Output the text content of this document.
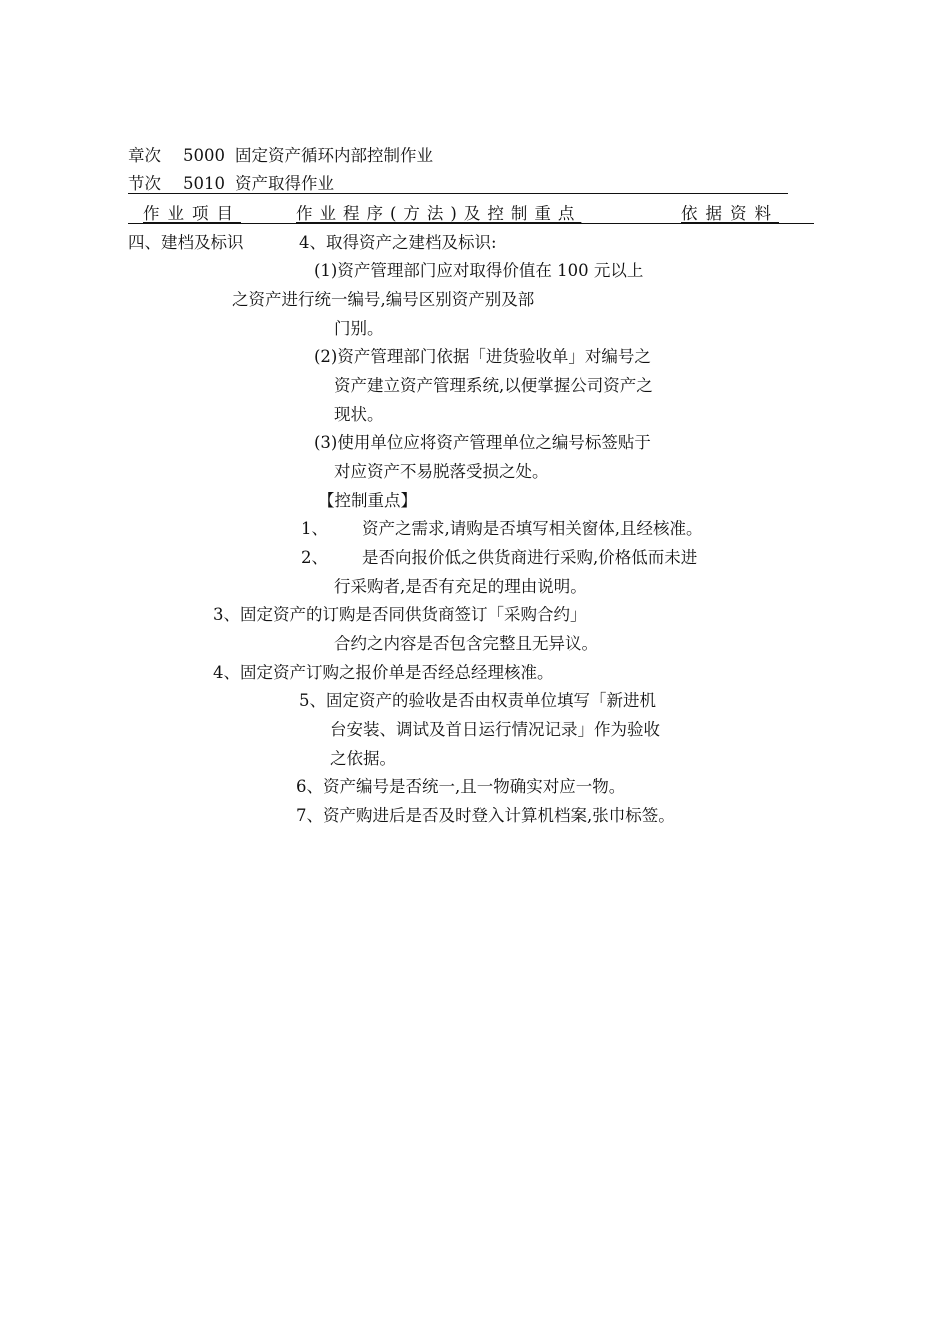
章次 5000 固定资产循环内部控制作业
节次 5010 资产取得作业
作业项目	作业程序(方法)及控制重点	依据资料
四、建档及标识	4、取得资产之建档及标识:
(1)资产管理部门应对取得价值在 100 元以上
之资产进行统一编号,编号区别资产别及部
门别。
(2)资产管理部门依据「进货验收单」对编号之
资产建立资产管理系统,以便掌握公司资产之
现状。
(3)使用单位应将资产管理单位之编号标签贴于
对应资产不易脱落受损之处。
【控制重点】
1、 资产之需求,请购是否填写相关窗体,且经核准。
2、 是否向报价低之供货商进行采购,价格低而未进
行采购者,是否有充足的理由说明。
3、固定资产的订购是否同供货商签订「采购合约」
合约之内容是否包含完整且无异议。
4、固定资产订购之报价单是否经总经理核准。
5、固定资产的验收是否由权责单位填写「新进机
台安装、调试及首日运行情况记录」作为验收
之依据。
6、资产编号是否统一,且一物确实对应一物。
7、资产购进后是否及时登入计算机档案,张巾标签。
